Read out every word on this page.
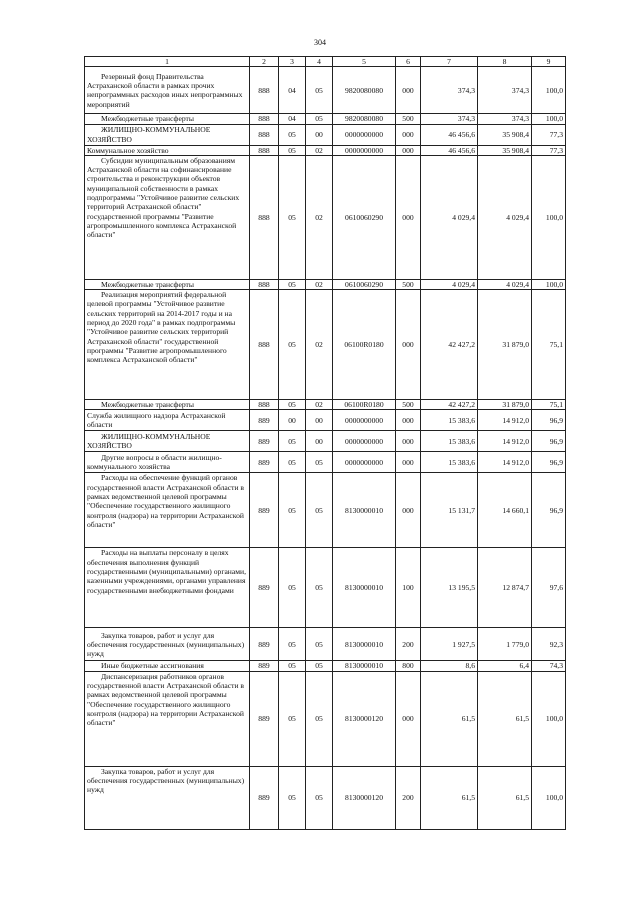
304
1	2	3	4	5	6	7	8	9
Резервный фонд Правительства Астраханской области в рамках прочих непрограммных расходов иных непрограммных мероприятий	888	04	05	9820080080	000	374,3	374,3	100,0
Межбюджетные трансферты	888	04	05	9820080080	500	374,3	374,3	100,0
ЖИЛИЩНО-КОММУНАЛЬНОЕ ХОЗЯЙСТВО	888	05	00	0000000000	000	46 456,6	35 908,4	77,3
Коммунальное хозяйство	888	05	02	0000000000	000	46 456,6	35 908,4	77,3
Субсидии муниципальным образованиям Астраханской области на софинансирование строительства и реконструкции объектов муниципальной собственности в рамках подпрограммы "Устойчивое развитие сельских территорий Астраханской области" государственной программы "Развитие агропромышленного комплекса Астраханской области"	888	05	02	0610060290	000	4 029,4	4 029,4	100,0
Межбюджетные трансферты	888	05	02	0610060290	500	4 029,4	4 029,4	100,0
Реализация мероприятий федеральной целевой программы "Устойчивое развитие сельских территорий на 2014-2017 годы и на период до 2020 года" в рамках подпрограммы "Устойчивое развитие сельских территорий Астраханской области" государственной программы "Развитие агропромышленного комплекса Астраханской области"	888	05	02	06100R0180	000	42 427,2	31 879,0	75,1
Межбюджетные трансферты	888	05	02	06100R0180	500	42 427,2	31 879,0	75,1
Служба жилищного надзора Астраханской области	889	00	00	0000000000	000	15 383,6	14 912,0	96,9
ЖИЛИЩНО-КОММУНАЛЬНОЕ ХОЗЯЙСТВО	889	05	00	0000000000	000	15 383,6	14 912,0	96,9
Другие вопросы в области жилищно-коммунального хозяйства	889	05	05	0000000000	000	15 383,6	14 912,0	96,9
Расходы на обеспечение функций органов государственной власти Астраханской области в рамках ведомственной целевой программы "Обеспечение государственного жилищного контроля (надзора) на территории Астраханской области"	889	05	05	8130000010	000	15 131,7	14 660,1	96,9
Расходы на выплаты персоналу в целях обеспечения выполнения функций государственными (муниципальными) органами, казенными учреждениями, органами управления государственными внебюджетными фондами	889	05	05	8130000010	100	13 195,5	12 874,7	97,6
Закупка товаров, работ и услуг для обеспечения государственных (муниципальных) нужд	889	05	05	8130000010	200	1 927,5	1 779,0	92,3
Иные бюджетные ассигнования	889	05	05	8130000010	800	8,6	6,4	74,3
Диспансеризация работников органов государственной власти Астраханской области в рамках ведомственной целевой программы "Обеспечение государственного жилищного контроля (надзора) на территории Астраханской области"	889	05	05	8130000120	000	61,5	61,5	100,0
Закупка товаров, работ и услуг для обеспечения государственных (муниципальных) нужд	889	05	05	8130000120	200	61,5	61,5	100,0
